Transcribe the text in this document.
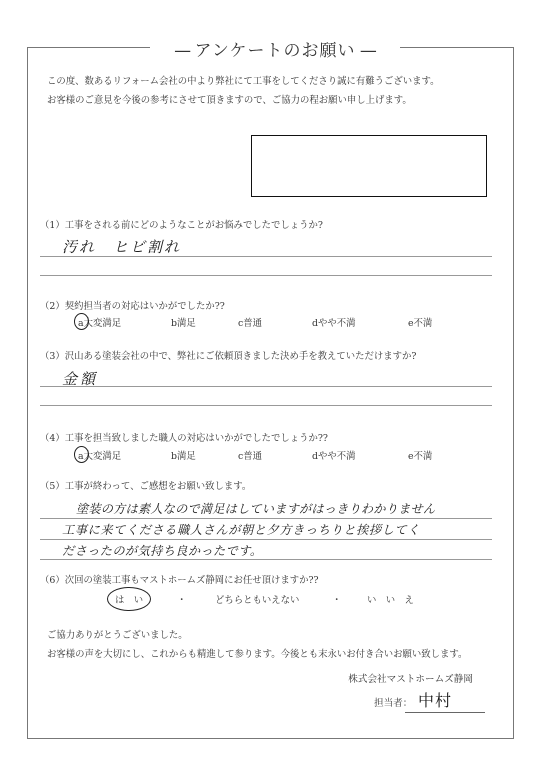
— アンケートのお願い —
この度、数あるリフォーム会社の中より弊社にて工事をしてくださり誠に有難うございます。
お客様のご意見を今後の参考にさせて頂きますので、ご協力の程お願い申し上げます。
（1）工事をされる前にどのようなことがお悩みでしたでしょうか?
汚れ　ヒビ割れ
（2）契約担当者の対応はいかがでしたか??
a大変満足	b満足	c普通	dやや不満	e不満
（3）沢山ある塗装会社の中で、弊社にご依頼頂きました決め手を教えていただけますか?
金額
（4）工事を担当致しました職人の対応はいかがでしたでしょうか??
a大変満足	b満足	c普通	dやや不満	e不満
（5）工事が終わって、ご感想をお願い致します。
塗装の方は素人なので満足はしていますがはっきりわかりません
工事に来てくださる職人さんが朝と夕方きっちりと挨拶してく
ださったのが気持ち良かったです。
（6）次回の塗装工事もマストホームズ静岡にお任せ頂けますか??
は　い	・	どちらともいえない	・	い　い　え
ご協力ありがとうございました。
お客様の声を大切にし、これからも精進して参ります。今後とも末永いお付き合いお願い致します。
株式会社マストホームズ静岡
担当者： 中村
